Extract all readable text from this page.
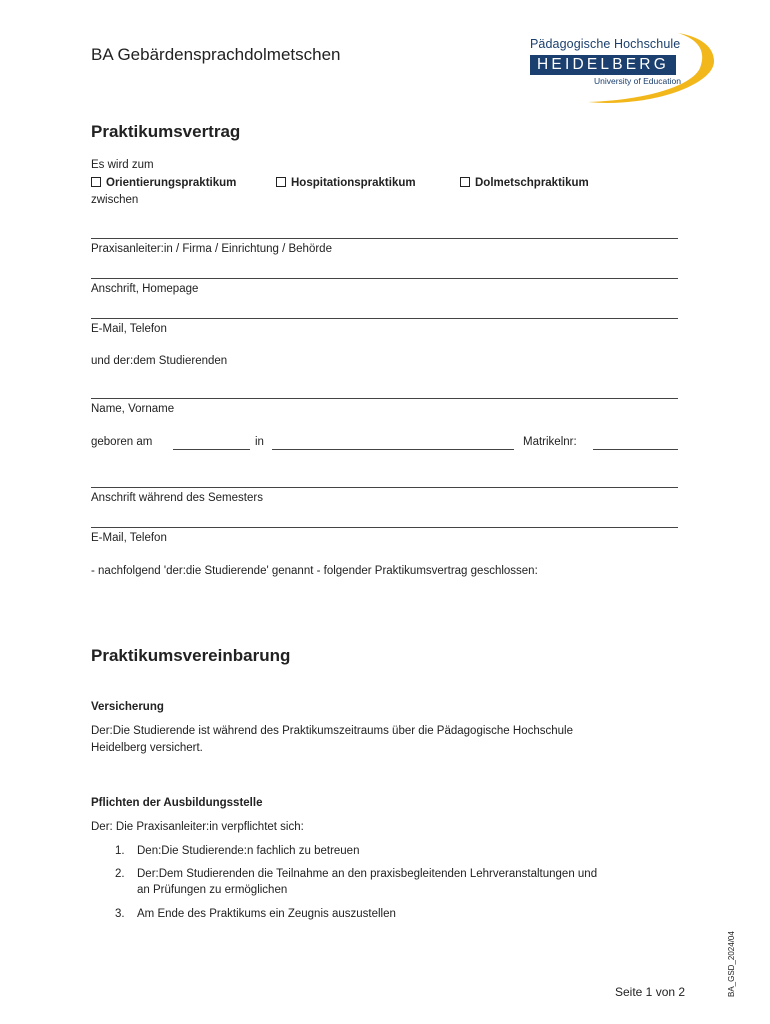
BA Gebärdensprachdolmetschen
Pädagogische Hochschule
HEIDELBERG
University of Education
Praktikumsvertrag
Es wird zum
Orientierungspraktikum	Hospitationspraktikum	Dolmetschpraktikum
zwischen
Praxisanleiter:in / Firma / Einrichtung / Behörde
Anschrift, Homepage
E-Mail, Telefon
und der:dem Studierenden
Name, Vorname
geboren am	in	Matrikelnr:
Anschrift während des Semesters
E-Mail, Telefon
- nachfolgend 'der:die Studierende' genannt - folgender Praktikumsvertrag geschlossen:
Praktikumsvereinbarung
Versicherung
Der:Die Studierende ist während des Praktikumszeitraums über die Pädagogische Hochschule
Heidelberg versichert.
Pflichten der Ausbildungsstelle
Der: Die Praxisanleiter:in verpflichtet sich:
1. Den:Die Studierende:n fachlich zu betreuen
2. Der:Dem Studierenden die Teilnahme an den praxisbegleitenden Lehrveranstaltungen und
an Prüfungen zu ermöglichen
3. Am Ende des Praktikums ein Zeugnis auszustellen
Seite 1 von 2	BA_GSD_2024/04
